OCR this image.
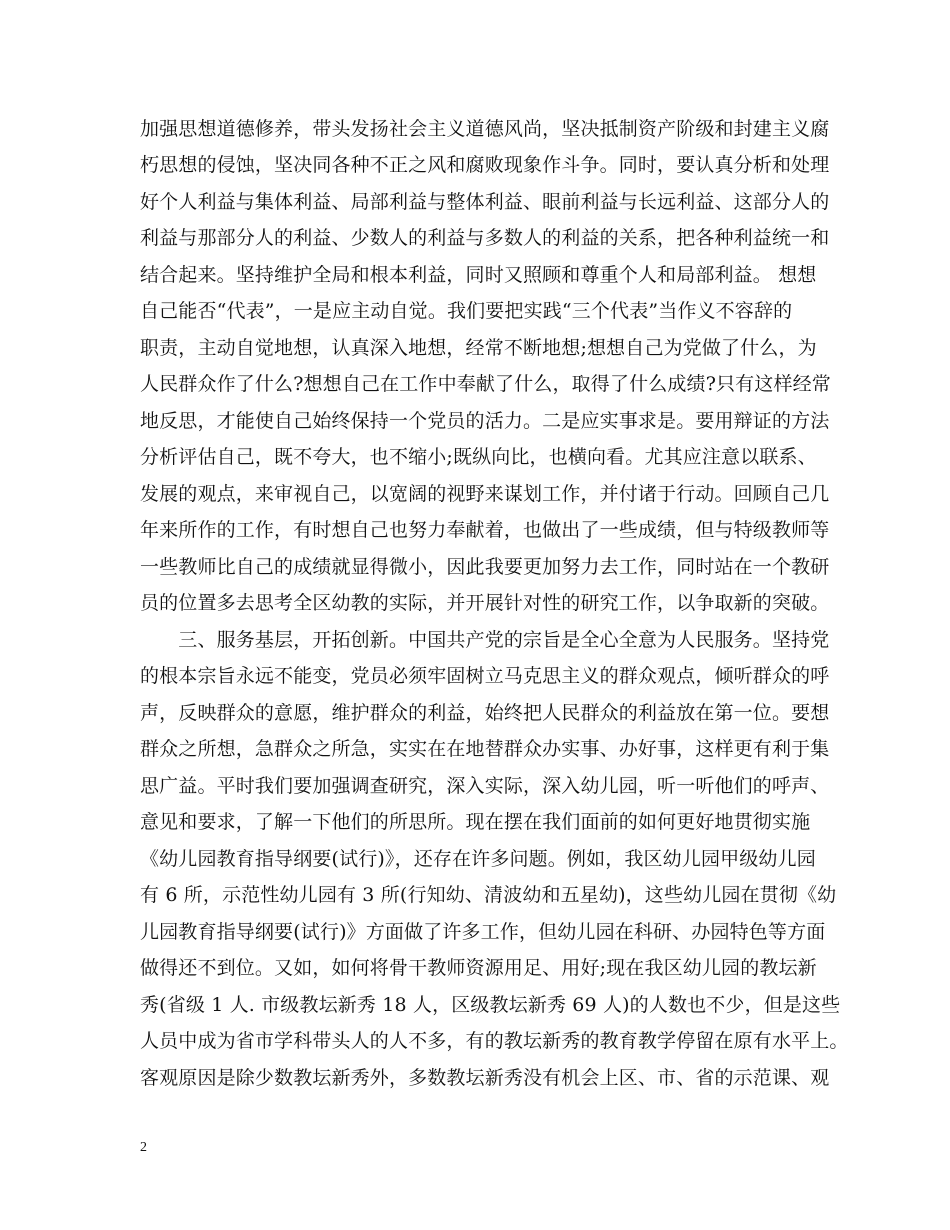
加强思想道德修养，带头发扬社会主义道德风尚，坚决抵制资产阶级和封建主义腐
朽思想的侵蚀，坚决同各种不正之风和腐败现象作斗争。同时，要认真分析和处理
好个人利益与集体利益、局部利益与整体利益、眼前利益与长远利益、这部分人的
利益与那部分人的利益、少数人的利益与多数人的利益的关系，把各种利益统一和
结合起来。坚持维护全局和根本利益，同时又照顾和尊重个人和局部利益。 想想
自己能否“代表”，一是应主动自觉。我们要把实践“三个代表”当作义不容辞的
职责，主动自觉地想，认真深入地想，经常不断地想;想想自己为党做了什么，为
人民群众作了什么?想想自己在工作中奉献了什么，取得了什么成绩?只有这样经常
地反思，才能使自己始终保持一个党员的活力。二是应实事求是。要用辩证的方法
分析评估自己，既不夸大，也不缩小;既纵向比，也横向看。尤其应注意以联系、
发展的观点，来审视自己，以宽阔的视野来谋划工作，并付诸于行动。回顾自己几
年来所作的工作，有时想自己也努力奉献着，也做出了一些成绩，但与特级教师等
一些教师比自己的成绩就显得微小，因此我要更加努力去工作，同时站在一个教研
员的位置多去思考全区幼教的实际，并开展针对性的研究工作，以争取新的突破。
　　三、服务基层，开拓创新。中国共产党的宗旨是全心全意为人民服务。坚持党
的根本宗旨永远不能变，党员必须牢固树立马克思主义的群众观点，倾听群众的呼
声，反映群众的意愿，维护群众的利益，始终把人民群众的利益放在第一位。要想
群众之所想，急群众之所急，实实在在地替群众办实事、办好事，这样更有利于集
思广益。平时我们要加强调查研究，深入实际，深入幼儿园，听一听他们的呼声、
意见和要求，了解一下他们的所思所。现在摆在我们面前的如何更好地贯彻实施
《幼儿园教育指导纲要(试行)》，还存在许多问题。例如，我区幼儿园甲级幼儿园
有 6 所，示范性幼儿园有 3 所(行知幼、清波幼和五星幼)，这些幼儿园在贯彻《幼
儿园教育指导纲要(试行)》方面做了许多工作，但幼儿园在科研、办园特色等方面
做得还不到位。又如，如何将骨干教师资源用足、用好;现在我区幼儿园的教坛新
秀(省级 1 人. 市级教坛新秀 18 人，区级教坛新秀 69 人)的人数也不少，但是这些
人员中成为省市学科带头人的人不多，有的教坛新秀的教育教学停留在原有水平上。
客观原因是除少数教坛新秀外，多数教坛新秀没有机会上区、市、省的示范课、观
2
